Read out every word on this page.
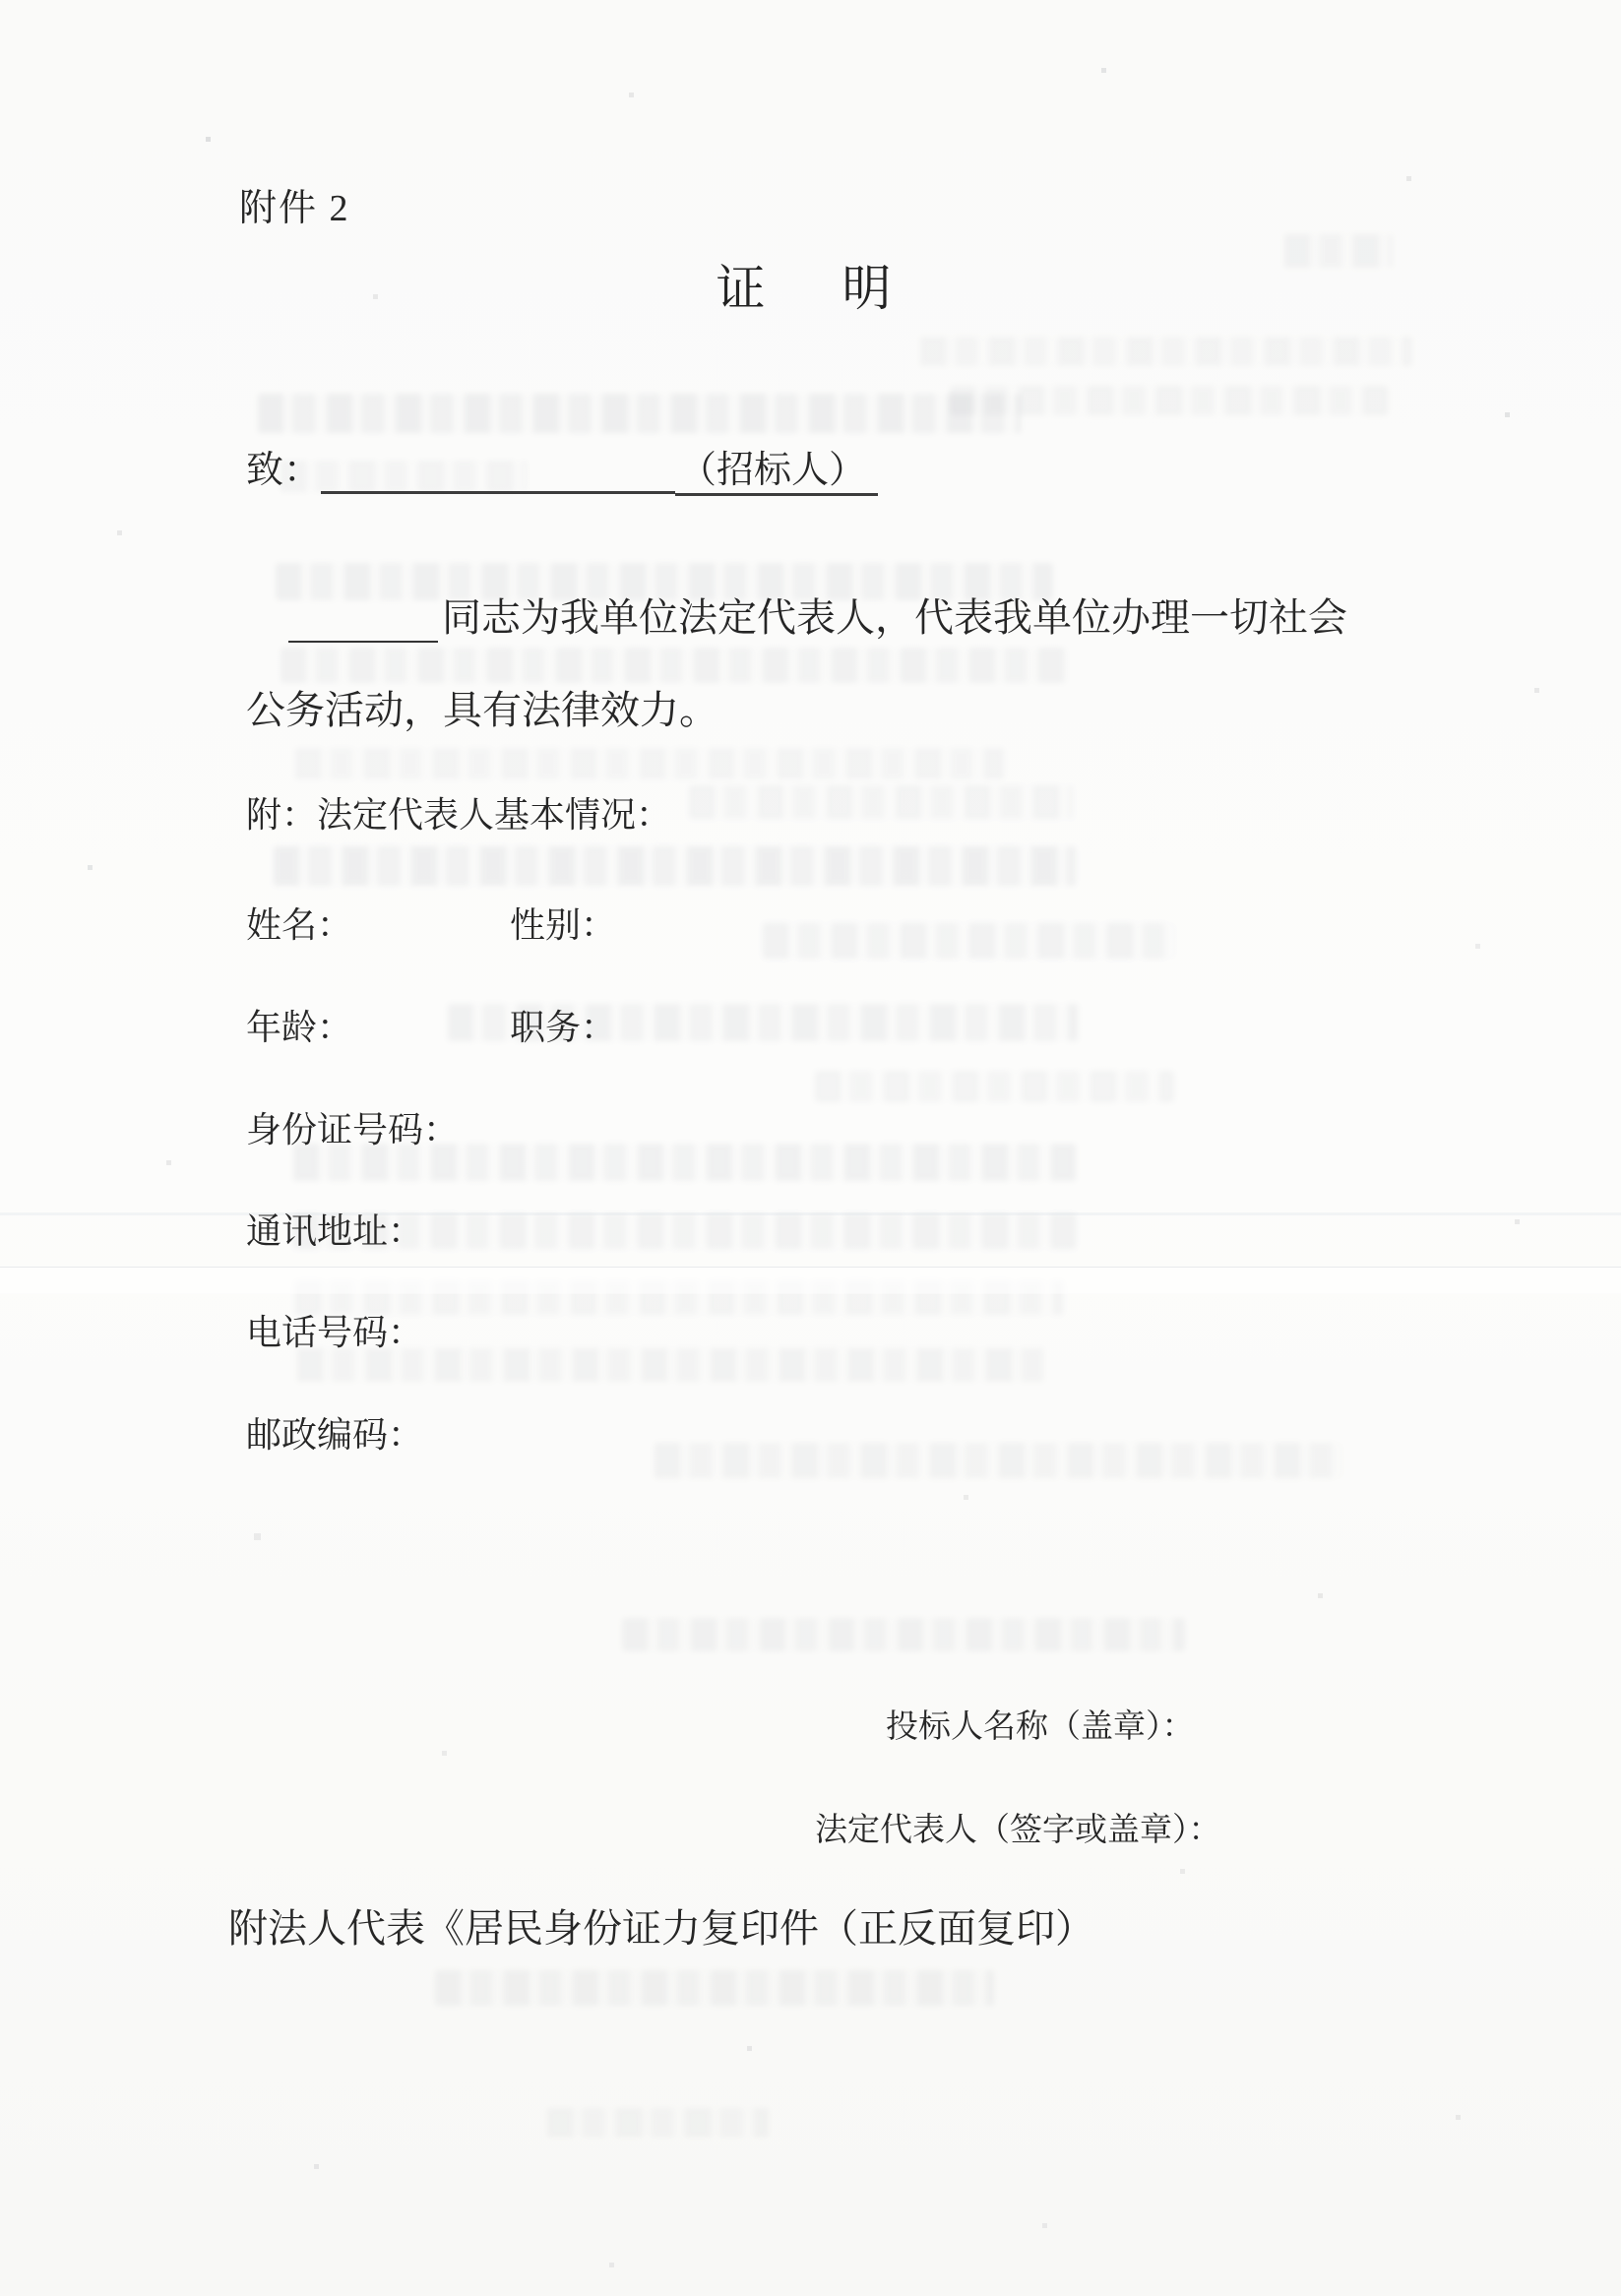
附件 2
证　明
致：	（招标人）
同志为我单位法定代表人，代表我单位办理一切社会
公务活动，具有法律效力。
附：法定代表人基本情况：
姓名：	性别：
年龄：	职务：
身份证号码：
通讯地址：
电话号码：
邮政编码：
投标人名称（盖章）：
法定代表人（签字或盖章）：
附法人代表《居民身份证力复印件（正反面复印）
